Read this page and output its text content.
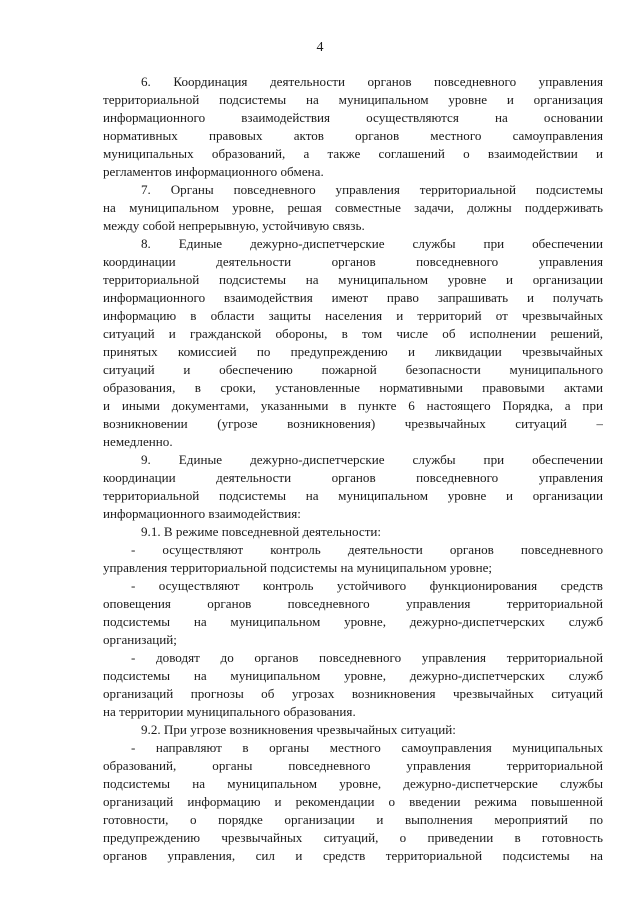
4
6. Координация деятельности органов повседневного управления
территориальной подсистемы на муниципальном уровне и организация
информационного взаимодействия осуществляются на основании
нормативных правовых актов органов местного самоуправления
муниципальных образований, а также соглашений о взаимодействии и
регламентов информационного обмена.
7. Органы повседневного управления территориальной подсистемы
на муниципальном уровне, решая совместные задачи, должны поддерживать
между собой непрерывную, устойчивую связь.
8. Единые дежурно-диспетчерские службы при обеспечении
координации деятельности органов повседневного управления
территориальной подсистемы на муниципальном уровне и организации
информационного взаимодействия имеют право запрашивать и получать
информацию в области защиты населения и территорий от чрезвычайных
ситуаций и гражданской обороны, в том числе об исполнении решений,
принятых комиссией по предупреждению и ликвидации чрезвычайных
ситуаций и обеспечению пожарной безопасности муниципального
образования, в сроки, установленные нормативными правовыми актами
и иными документами, указанными в пункте 6 настоящего Порядка, а при
возникновении (угрозе возникновения) чрезвычайных ситуаций –
немедленно.
9. Единые дежурно-диспетчерские службы при обеспечении
координации деятельности органов повседневного управления
территориальной подсистемы на муниципальном уровне и организации
информационного взаимодействия:
9.1. В режиме повседневной деятельности:
- осуществляют контроль деятельности органов повседневного
управления территориальной подсистемы на муниципальном уровне;
- осуществляют контроль устойчивого функционирования средств
оповещения органов повседневного управления территориальной
подсистемы на муниципальном уровне, дежурно-диспетчерских служб
организаций;
- доводят до органов повседневного управления территориальной
подсистемы на муниципальном уровне, дежурно-диспетчерских служб
организаций прогнозы об угрозах возникновения чрезвычайных ситуаций
на территории муниципального образования.
9.2. При угрозе возникновения чрезвычайных ситуаций:
- направляют в органы местного самоуправления муниципальных
образований, органы повседневного управления территориальной
подсистемы на муниципальном уровне, дежурно-диспетчерские службы
организаций информацию и рекомендации о введении режима повышенной
готовности, о порядке организации и выполнения мероприятий по
предупреждению чрезвычайных ситуаций, о приведении в готовность
органов управления, сил и средств территориальной подсистемы на
